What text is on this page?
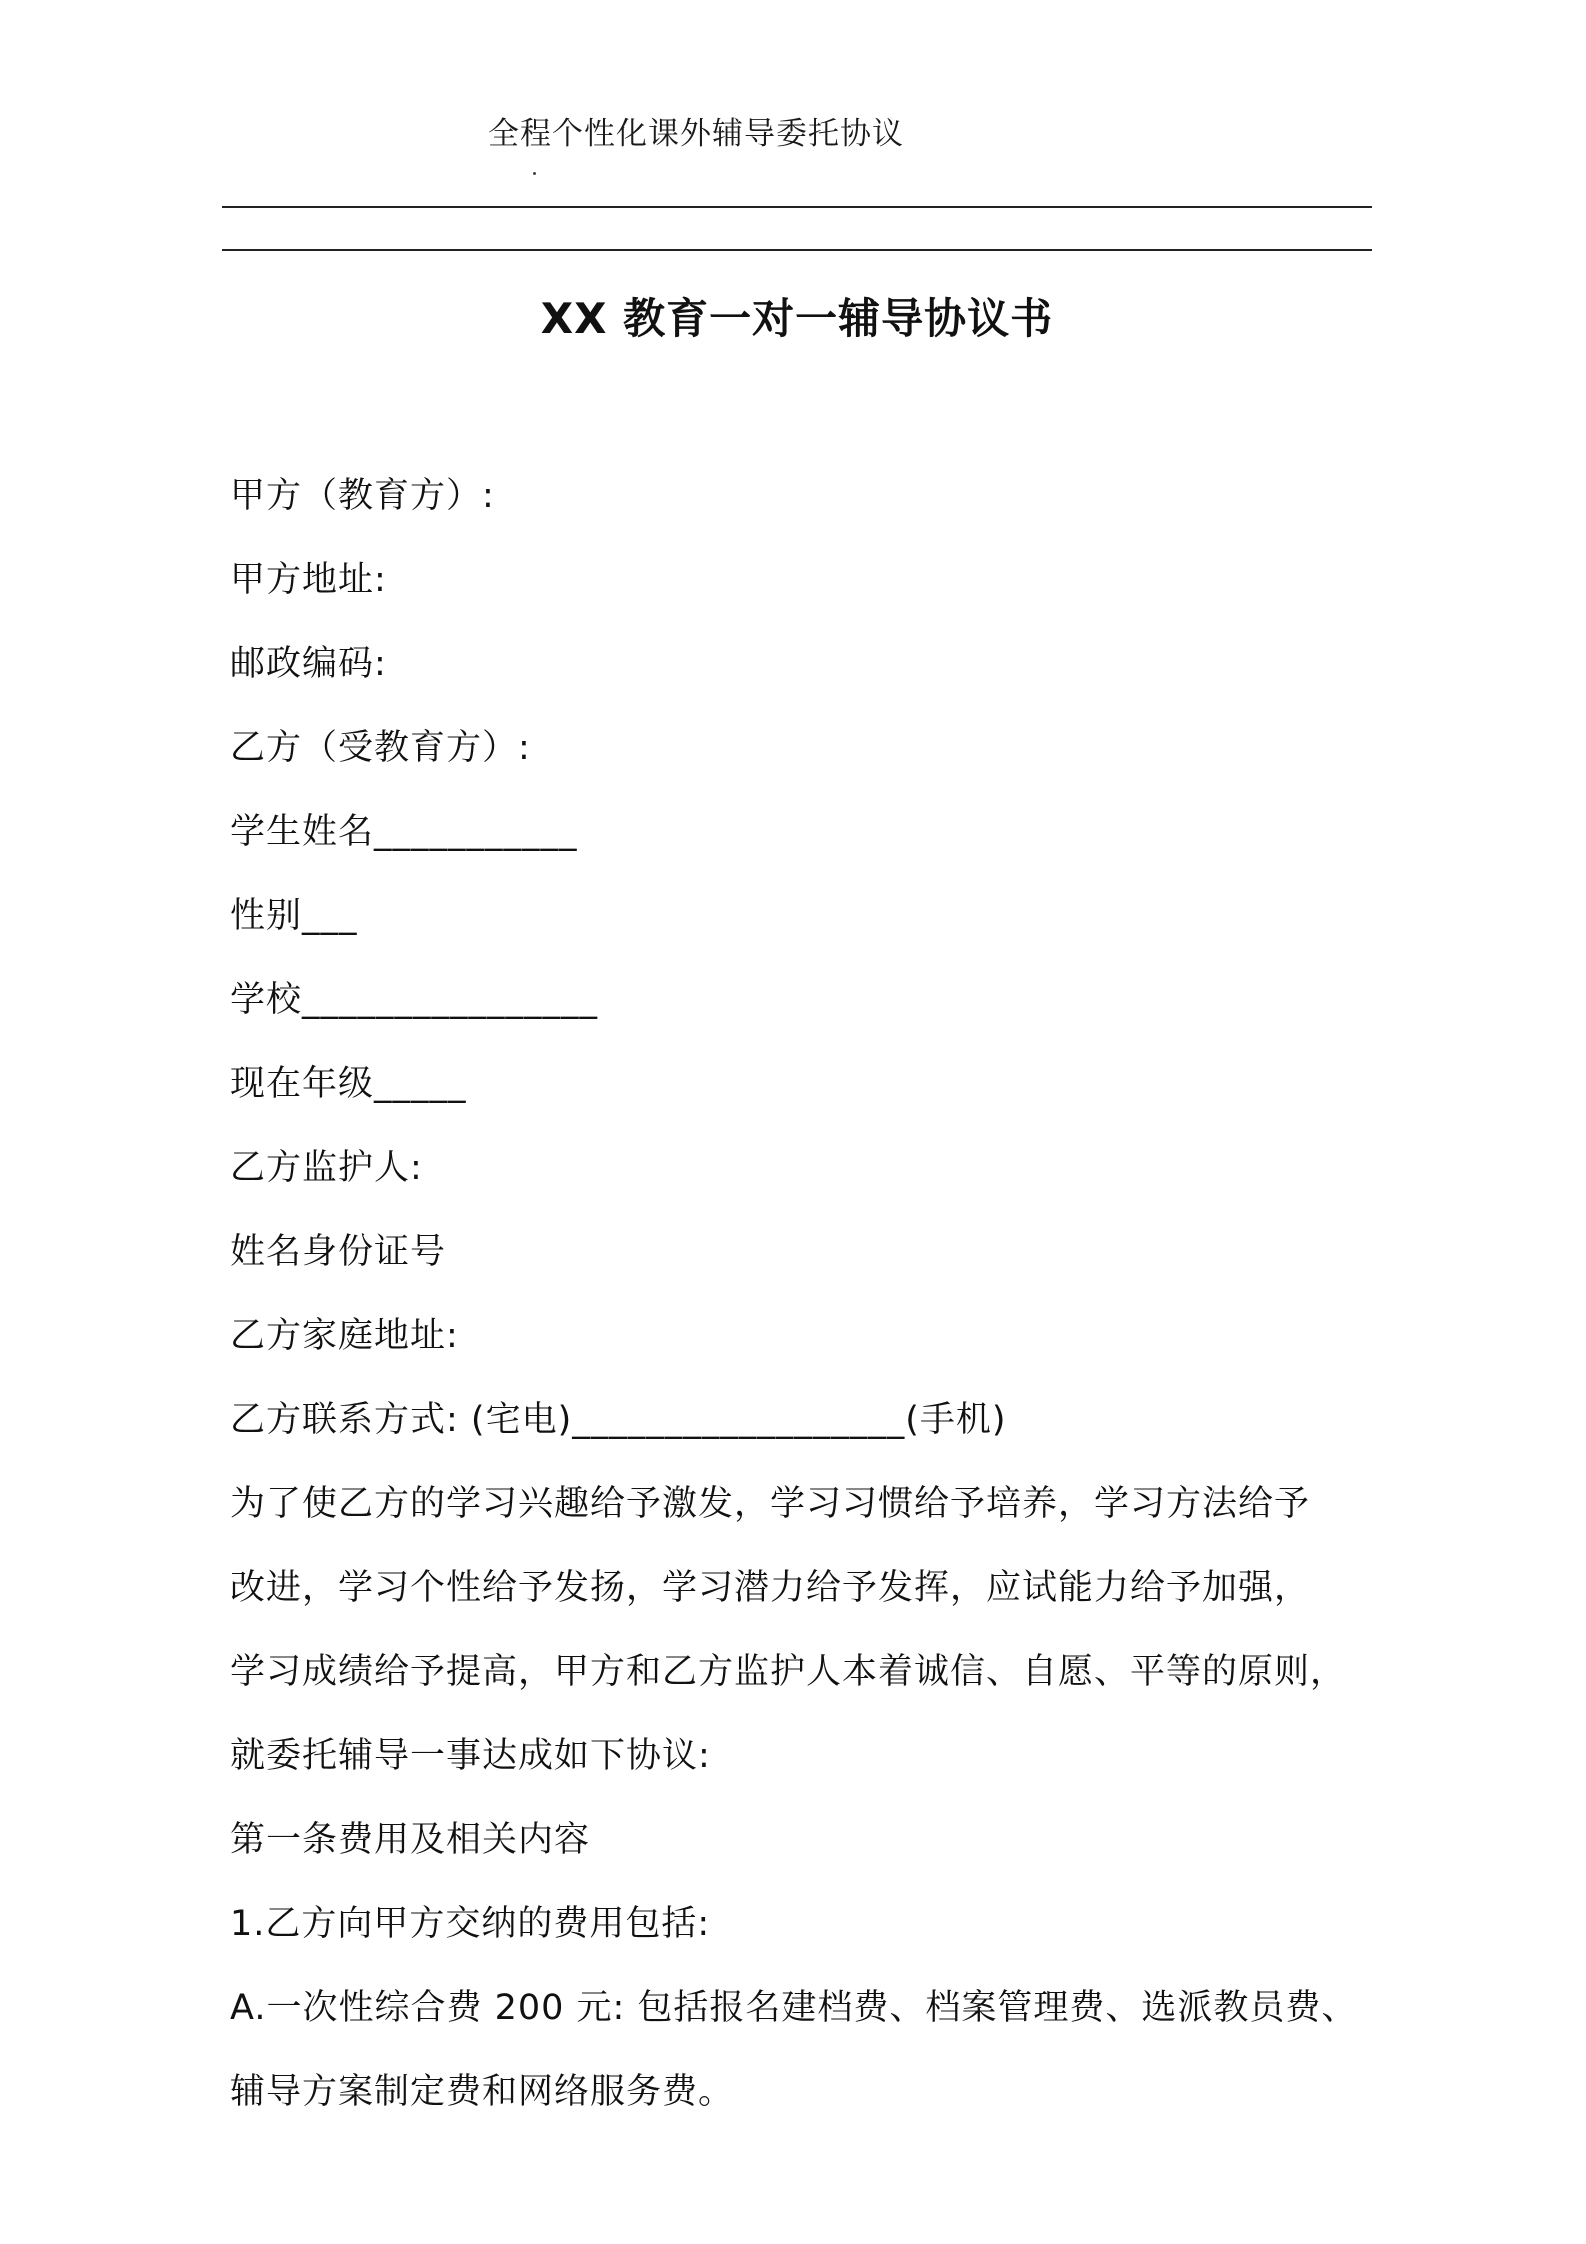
全程个性化课外辅导委托协议
XX 教育一对一辅导协议书
甲方（教育方）:
甲方地址:
邮政编码:
乙方（受教育方）:
学生姓名___________
性别___
学校________________
现在年级_____
乙方监护人:
姓名身份证号
乙方家庭地址:
乙方联系方式: (宅电)__________________(手机)
为了使乙方的学习兴趣给予激发，学习习惯给予培养，学习方法给予
改进，学习个性给予发扬，学习潜力给予发挥，应试能力给予加强，
学习成绩给予提高，甲方和乙方监护人本着诚信、自愿、平等的原则，
就委托辅导一事达成如下协议:
第一条费用及相关内容
1.乙方向甲方交纳的费用包括:
A.一次性综合费 200 元: 包括报名建档费、档案管理费、选派教员费、
辅导方案制定费和网络服务费。
